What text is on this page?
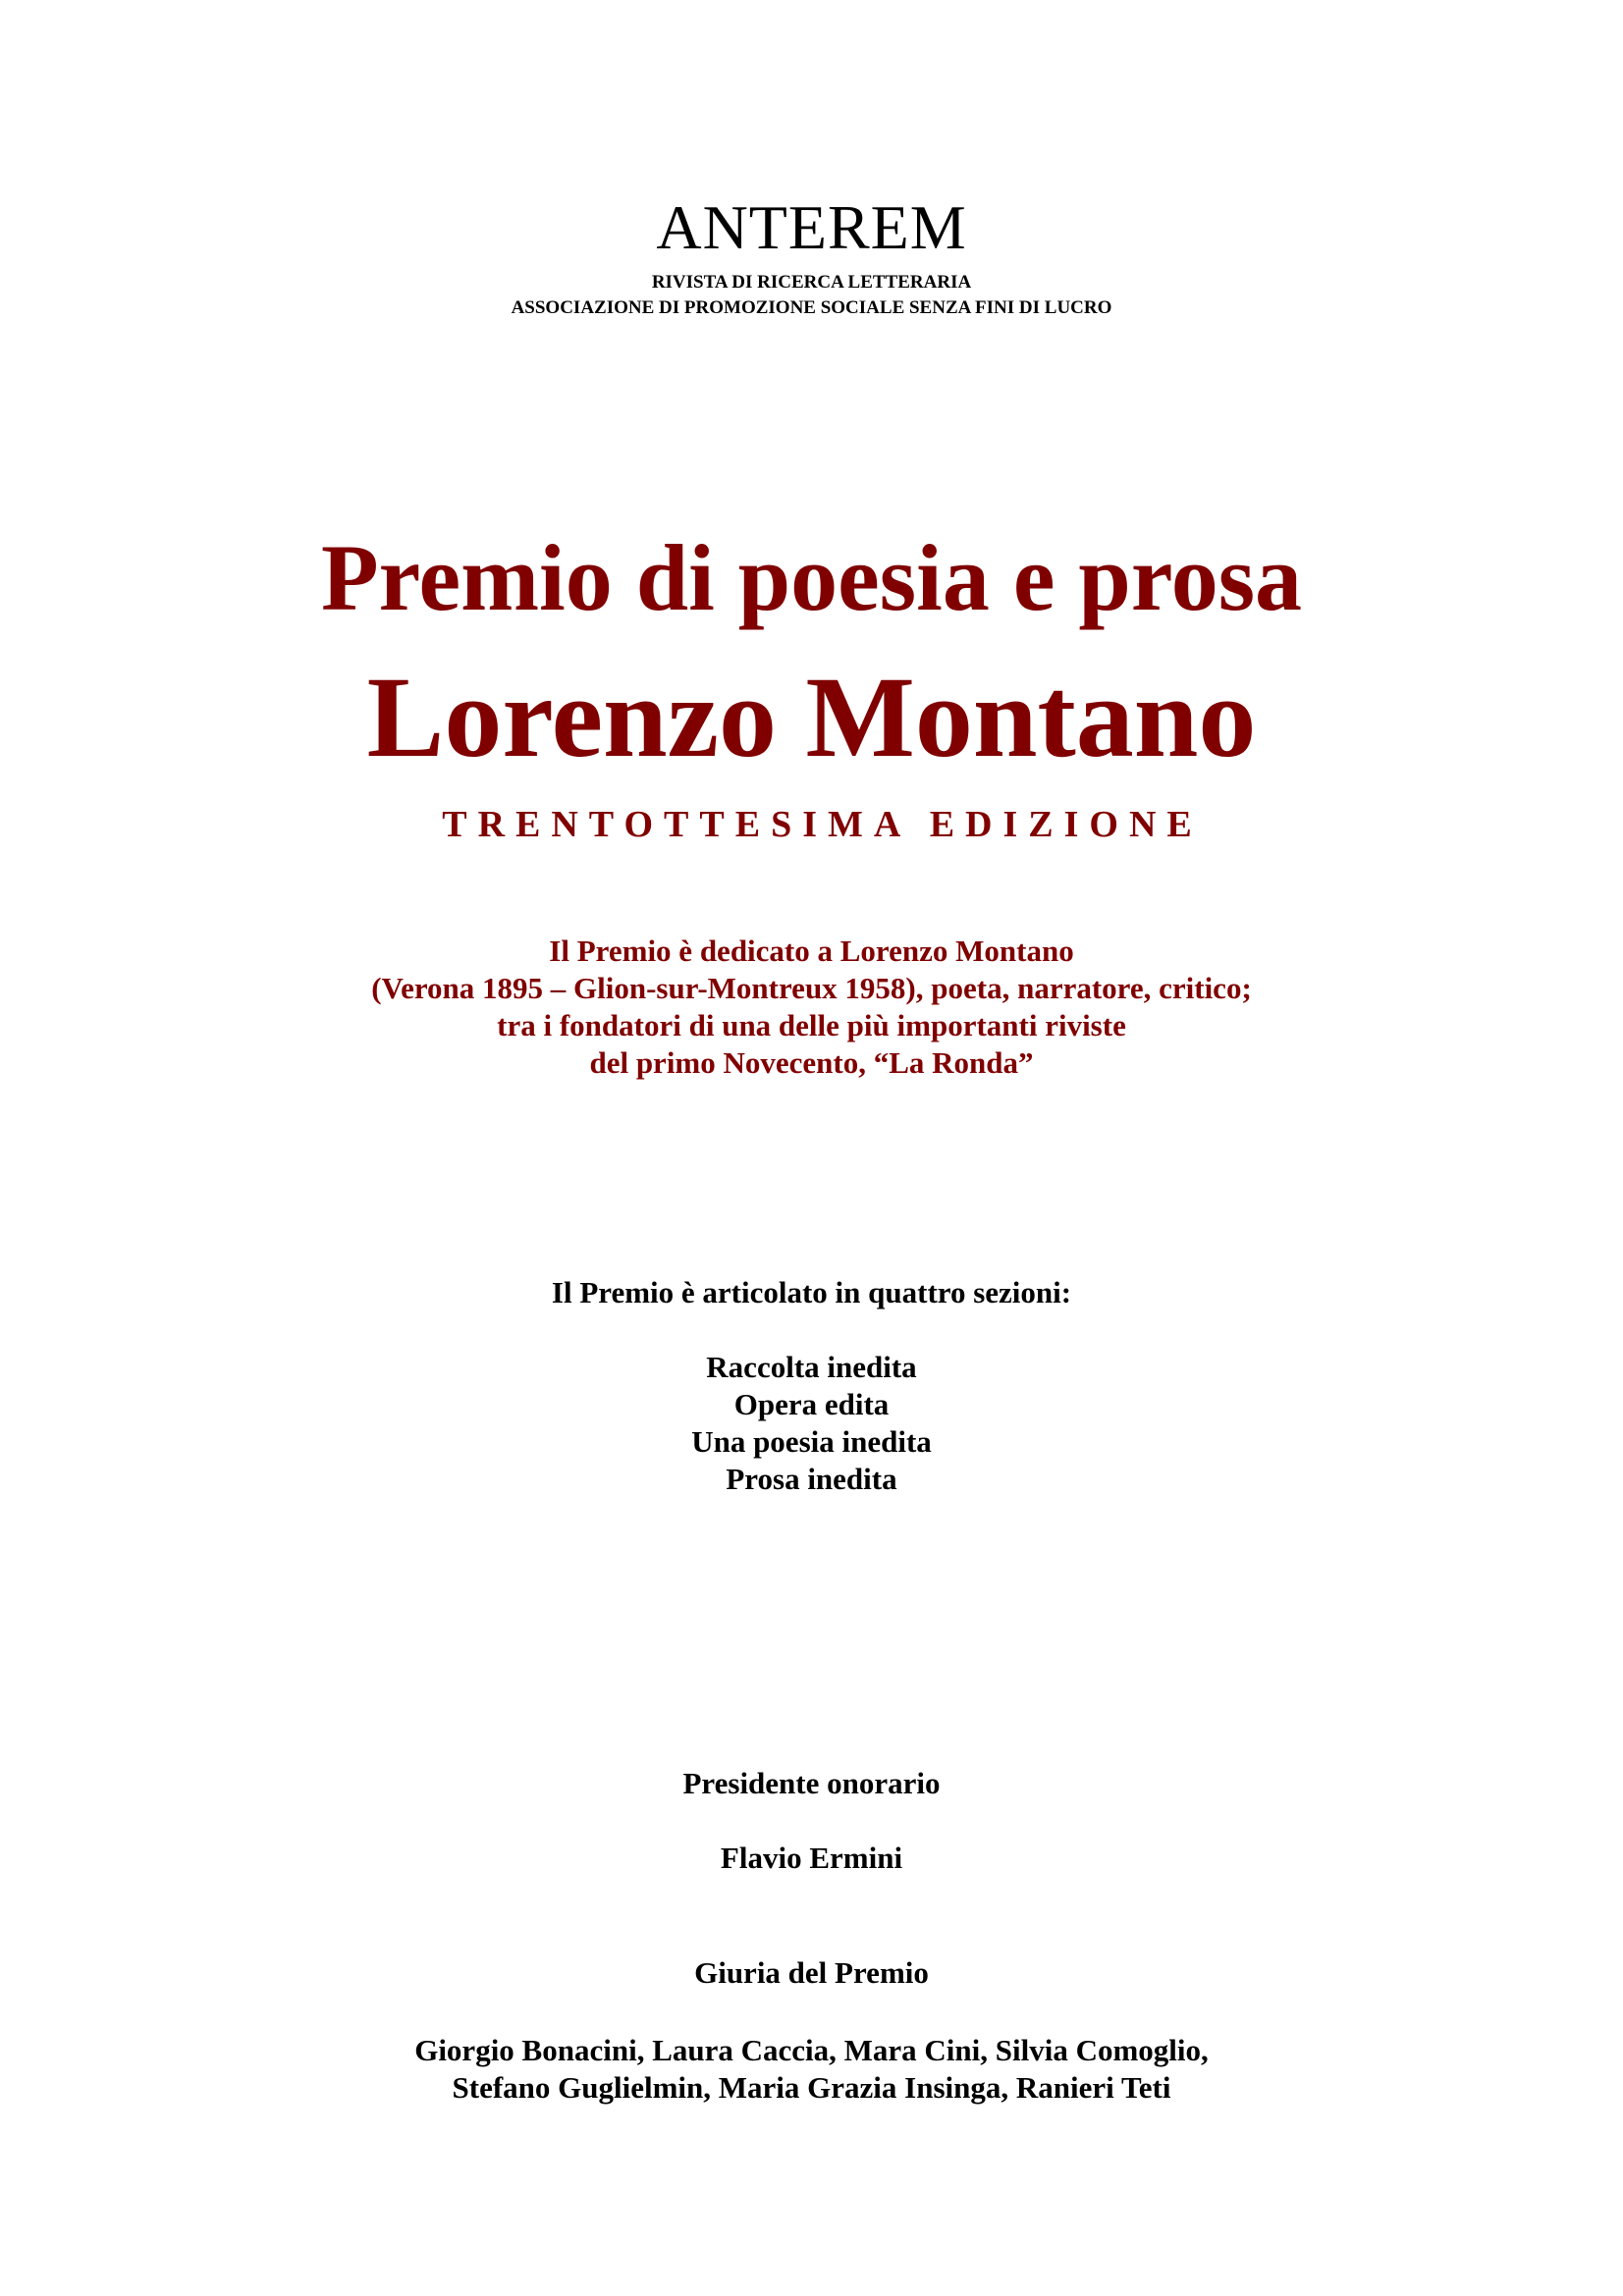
ANTEREM
RIVISTA DI RICERCA LETTERARIA
ASSOCIAZIONE DI PROMOZIONE SOCIALE SENZA FINI DI LUCRO
Premio di poesia e prosa
Lorenzo Montano
TRENTOTTESIMA EDIZIONE
Il Premio è dedicato a Lorenzo Montano
(Verona 1895 – Glion-sur-Montreux 1958), poeta, narratore, critico;
tra i fondatori di una delle più importanti riviste
del primo Novecento, “La Ronda”
Il Premio è articolato in quattro sezioni:
Raccolta inedita
Opera edita
Una poesia inedita
Prosa inedita
Presidente onorario
Flavio Ermini
Giuria del Premio
Giorgio Bonacini, Laura Caccia, Mara Cini, Silvia Comoglio,
Stefano Guglielmin, Maria Grazia Insinga, Ranieri Teti
